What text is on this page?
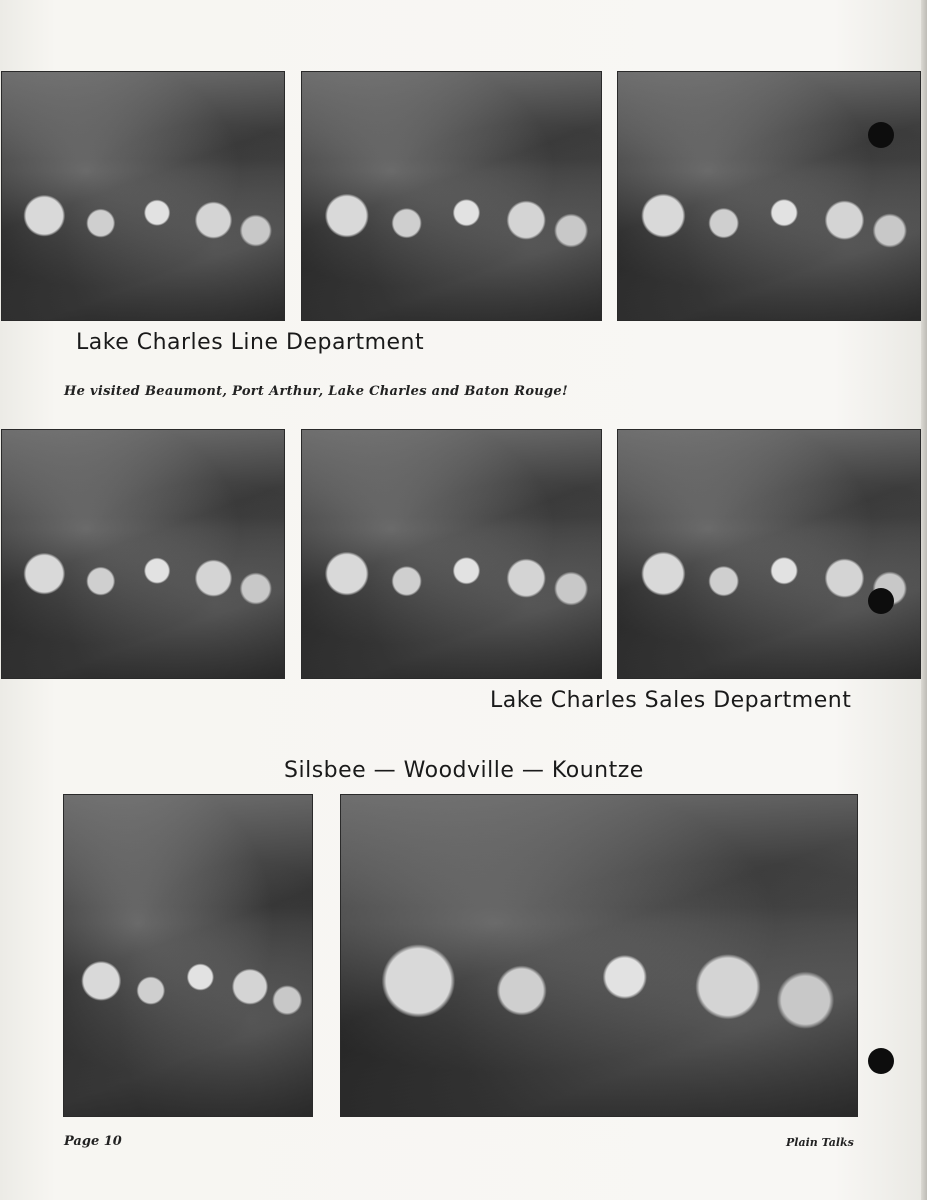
Lake Charles Line Department
He visited Beaumont, Port Arthur, Lake Charles and Baton Rouge!
Lake Charles Sales Department
Silsbee — Woodville — Kountze
Page 10	Plain Talks
